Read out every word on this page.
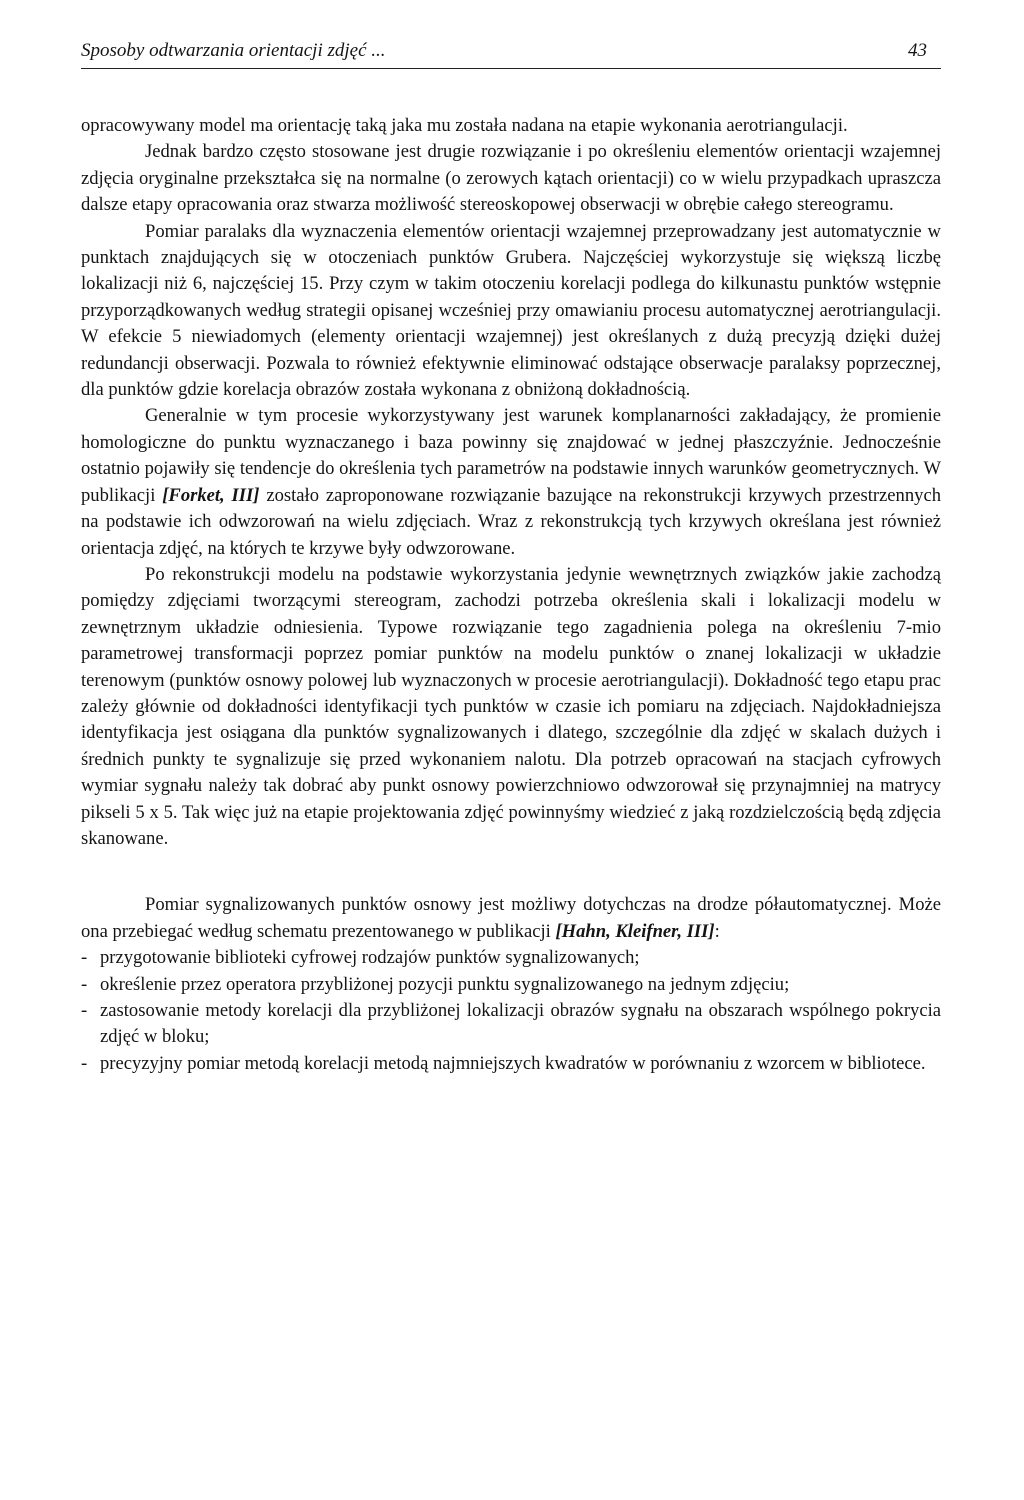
Sposoby odtwarzania orientacji zdjęć ...	43

opracowywany model ma orientację taką jaka mu została nadana na etapie wykonania aerotriangulacji.

Jednak bardzo często stosowane jest drugie rozwiązanie i po określeniu elementów orientacji wzajemnej zdjęcia oryginalne przekształca się na normalne (o zerowych kątach orientacji) co w wielu przypadkach upraszcza dalsze etapy opracowania oraz stwarza możliwość stereoskopowej obserwacji w obrębie całego stereogramu.

Pomiar paralaks dla wyznaczenia elementów orientacji wzajemnej przeprowadzany jest automatycznie w punktach znajdujących się w otoczeniach punktów Grubera. Najczęściej wykorzystuje się większą liczbę lokalizacji niż 6, najczęściej 15. Przy czym w takim otoczeniu korelacji podlega do kilkunastu punktów wstępnie przyporządkowanych według strategii opisanej wcześniej przy omawianiu procesu automatycznej aerotriangulacji. W efekcie 5 niewiadomych (elementy orientacji wzajemnej) jest określanych z dużą precyzją dzięki dużej redundancji obserwacji. Pozwala to również efektywnie eliminować odstające obserwacje paralaksy poprzecznej, dla punktów gdzie korelacja obrazów została wykonana z obniżoną dokładnością.

Generalnie w tym procesie wykorzystywany jest warunek komplanarności zakładający, że promienie homologiczne do punktu wyznaczanego i baza powinny się znajdować w jednej płaszczyźnie. Jednocześnie ostatnio pojawiły się tendencje do określenia tych parametrów na podstawie innych warunków geometrycznych. W publikacji [Forket, III] zostało zaproponowane rozwiązanie bazujące na rekonstrukcji krzywych przestrzennych na podstawie ich odwzorowań na wielu zdjęciach. Wraz z rekonstrukcją tych krzywych określana jest również orientacja zdjęć, na których te krzywe były odwzorowane.

Po rekonstrukcji modelu na podstawie wykorzystania jedynie wewnętrznych związków jakie zachodzą pomiędzy zdjęciami tworzącymi stereogram, zachodzi potrzeba określenia skali i lokalizacji modelu w zewnętrznym układzie odniesienia. Typowe rozwiązanie tego zagadnienia polega na określeniu 7-mio parametrowej transformacji poprzez pomiar punktów na modelu punktów o znanej lokalizacji w układzie terenowym (punktów osnowy polowej lub wyznaczonych w procesie aerotriangulacji). Dokładność tego etapu prac zależy głównie od dokładności identyfikacji tych punktów w czasie ich pomiaru na zdjęciach. Najdokładniejsza identyfikacja jest osiągana dla punktów sygnalizowanych i dlatego, szczególnie dla zdjęć w skalach dużych i średnich punkty te sygnalizuje się przed wykonaniem nalotu. Dla potrzeb opracowań na stacjach cyfrowych wymiar sygnału należy tak dobrać aby punkt osnowy powierzchniowo odwzorował się przynajmniej na matrycy pikseli 5 x 5. Tak więc już na etapie projektowania zdjęć powinnyśmy wiedzieć z jaką rozdzielczością będą zdjęcia skanowane.

Pomiar sygnalizowanych punktów osnowy jest możliwy dotychczas na drodze półautomatycznej. Może ona przebiegać według schematu prezentowanego w publikacji [Hahn, Kleifner, III]:

- przygotowanie biblioteki cyfrowej rodzajów punktów sygnalizowanych;
- określenie przez operatora przybliżonej pozycji punktu sygnalizowanego na jednym zdjęciu;
- zastosowanie metody korelacji dla przybliżonej lokalizacji obrazów sygnału na obszarach wspólnego pokrycia zdjęć w bloku;
- precyzyjny pomiar metodą korelacji metodą najmniejszych kwadratów w porównaniu z wzorcem w bibliotece.
